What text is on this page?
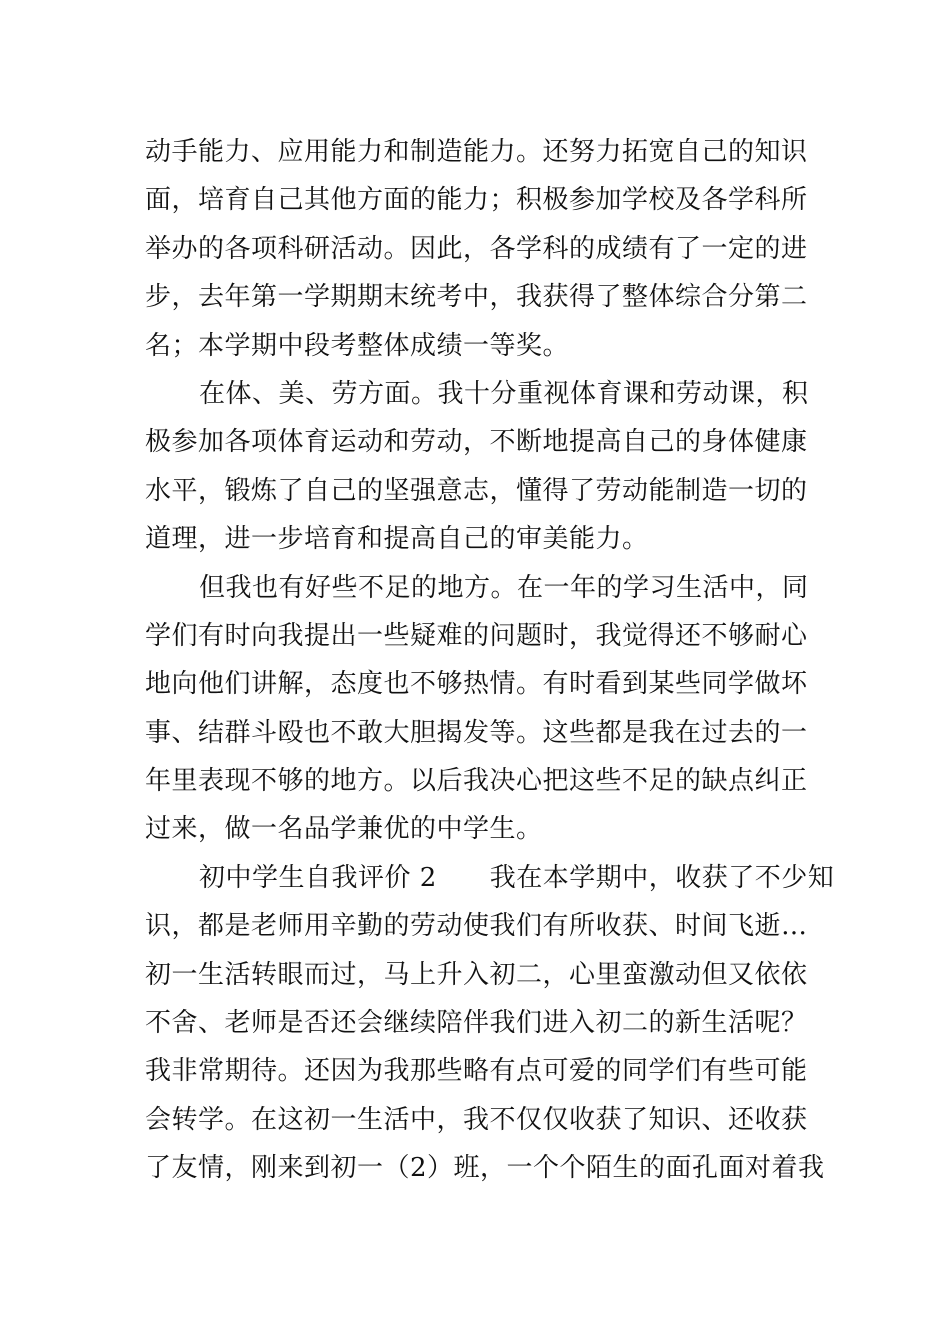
动手能力、应用能力和制造能力。还努力拓宽自己的知识
面，培育自己其他方面的能力；积极参加学校及各学科所
举办的各项科研活动。因此，各学科的成绩有了一定的进
步，去年第一学期期末统考中，我获得了整体综合分第二
名；本学期中段考整体成绩一等奖。
在体、美、劳方面。我十分重视体育课和劳动课，积
极参加各项体育运动和劳动，不断地提高自己的身体健康
水平，锻炼了自己的坚强意志，懂得了劳动能制造一切的
道理，进一步培育和提高自己的审美能力。
但我也有好些不足的地方。在一年的学习生活中，同
学们有时向我提出一些疑难的问题时，我觉得还不够耐心
地向他们讲解，态度也不够热情。有时看到某些同学做坏
事、结群斗殴也不敢大胆揭发等。这些都是我在过去的一
年里表现不够的地方。以后我决心把这些不足的缺点纠正
过来，做一名品学兼优的中学生。
初中学生自我评价 2　　我在本学期中，收获了不少知
识，都是老师用辛勤的劳动使我们有所收获、时间飞逝…
初一生活转眼而过，马上升入初二，心里蛮激动但又依依
不舍、老师是否还会继续陪伴我们进入初二的新生活呢？
我非常期待。还因为我那些略有点可爱的同学们有些可能
会转学。在这初一生活中，我不仅仅收获了知识、还收获
了友情，刚来到初一（2）班，一个个陌生的面孔面对着我
